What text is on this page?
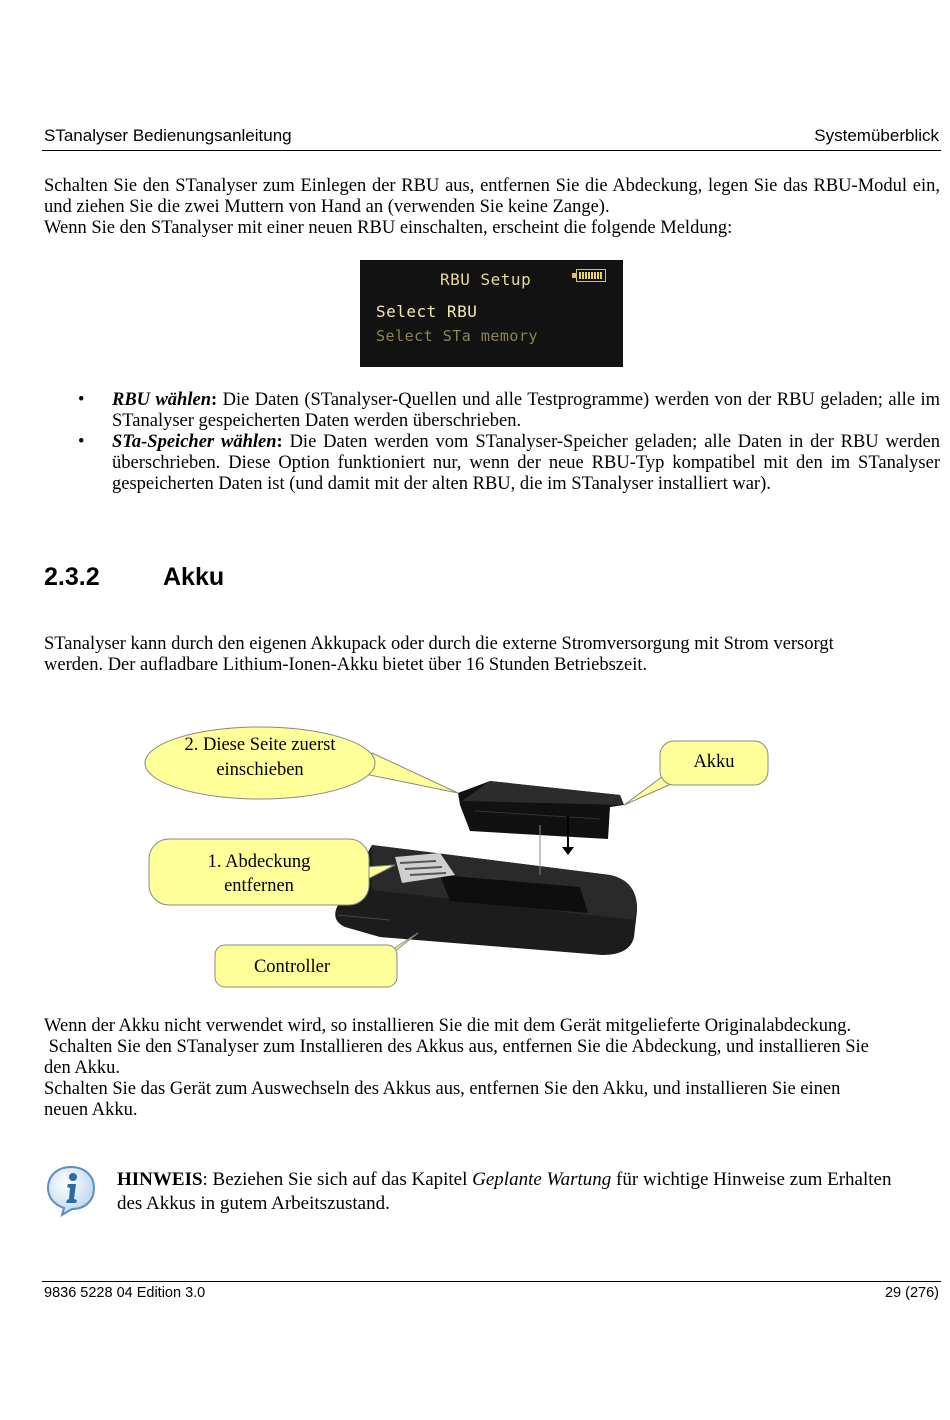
STanalyser Bedienungsanleitung	Systemüberblick

Schalten Sie den STanalyser zum Einlegen der RBU aus, entfernen Sie die Abdeckung, legen Sie das RBU-Modul ein, und ziehen Sie die zwei Muttern von Hand an (verwenden Sie keine Zange).

Wenn Sie den STanalyser mit einer neuen RBU einschalten, erscheint die folgende Meldung:

RBU Setup
Select RBU
Select STa memory
• RBU wählen: Die Daten (STanalyser-Quellen und alle Testprogramme) werden von der RBU geladen; alle im STanalyser gespeicherten Daten werden überschrieben.
• STa-Speicher wählen: Die Daten werden vom STanalyser-Speicher geladen; alle Daten in der RBU werden überschrieben. Diese Option funktioniert nur, wenn der neue RBU-Typ kompatibel mit den im STanalyser gespeicherten Daten ist (und damit mit der alten RBU, die im STanalyser installiert war).
2.3.2	Akku
STanalyser kann durch den eigenen Akkupack oder durch die externe Stromversorgung mit Strom versorgt werden. Der aufladbare Lithium-Ionen-Akku bietet über 16 Stunden Betriebszeit.
2. Diese Seite zuerst
einschieben	Akku
1. Abdeckung
entfernen
Controller

Wenn der Akku nicht verwendet wird, so installieren Sie die mit dem Gerät mitgelieferte Originalabdeckung.

Schalten Sie den STanalyser zum Installieren des Akkus aus, entfernen Sie die Abdeckung, und installieren Sie den Akku.

Schalten Sie das Gerät zum Auswechseln des Akkus aus, entfernen Sie den Akku, und installieren Sie einen neuen Akku.

HINWEIS: Beziehen Sie sich auf das Kapitel Geplante Wartung für wichtige Hinweise zum Erhalten des Akkus in gutem Arbeitszustand.
9836 5228 04 Edition 3.0	29 (276)
